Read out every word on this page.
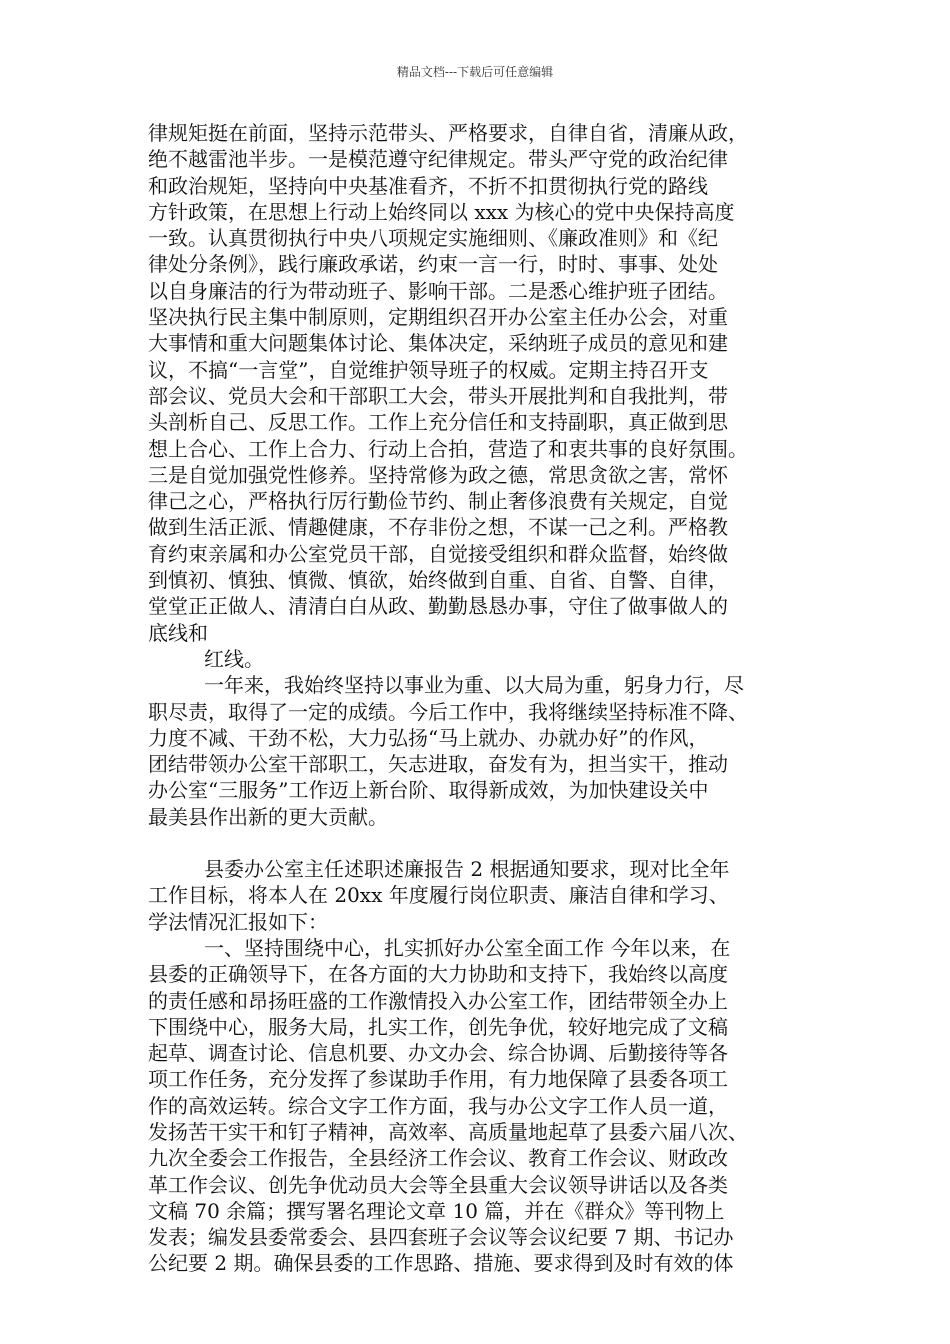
精品文档---下载后可任意编辑
律规矩挺在前面，坚持示范带头、严格要求，自律自省，清廉从政，
绝不越雷池半步。一是模范遵守纪律规定。带头严守党的政治纪律
和政治规矩，坚持向中央基准看齐，不折不扣贯彻执行党的路线
方针政策，在思想上行动上始终同以 xxx 为核心的党中央保持高度
一致。认真贯彻执行中央八项规定实施细则、《廉政准则》和《纪
律处分条例》，践行廉政承诺，约束一言一行，时时、事事、处处
以自身廉洁的行为带动班子、影响干部。二是悉心维护班子团结。
坚决执行民主集中制原则，定期组织召开办公室主任办公会，对重
大事情和重大问题集体讨论、集体决定，采纳班子成员的意见和建
议，不搞“一言堂”，自觉维护领导班子的权威。定期主持召开支
部会议、党员大会和干部职工大会，带头开展批判和自我批判，带
头剖析自己、反思工作。工作上充分信任和支持副职，真正做到思
想上合心、工作上合力、行动上合拍，营造了和衷共事的良好氛围。
三是自觉加强党性修养。坚持常修为政之德，常思贪欲之害，常怀
律己之心，严格执行厉行勤俭节约、制止奢侈浪费有关规定，自觉
做到生活正派、情趣健康，不存非份之想，不谋一己之利。严格教
育约束亲属和办公室党员干部，自觉接受组织和群众监督，始终做
到慎初、慎独、慎微、慎欲，始终做到自重、自省、自警、自律，
堂堂正正做人、清清白白从政、勤勤恳恳办事，守住了做事做人的
底线和
红线。
一年来，我始终坚持以事业为重、以大局为重，躬身力行，尽
职尽责，取得了一定的成绩。今后工作中，我将继续坚持标准不降、
力度不减、干劲不松，大力弘扬“马上就办、办就办好”的作风，
团结带领办公室干部职工，矢志进取，奋发有为，担当实干，推动
办公室“三服务”工作迈上新台阶、取得新成效，为加快建设关中
最美县作出新的更大贡献。
县委办公室主任述职述廉报告 2 根据通知要求，现对比全年
工作目标，将本人在 20xx 年度履行岗位职责、廉洁自律和学习、
学法情况汇报如下：
一、坚持围绕中心，扎实抓好办公室全面工作 今年以来，在
县委的正确领导下，在各方面的大力协助和支持下，我始终以高度
的责任感和昂扬旺盛的工作激情投入办公室工作，团结带领全办上
下围绕中心，服务大局，扎实工作，创先争优，较好地完成了文稿
起草、调查讨论、信息机要、办文办会、综合协调、后勤接待等各
项工作任务，充分发挥了参谋助手作用，有力地保障了县委各项工
作的高效运转。综合文字工作方面，我与办公文字工作人员一道，
发扬苦干实干和钉子精神，高效率、高质量地起草了县委六届八次、
九次全委会工作报告，全县经济工作会议、教育工作会议、财政改
革工作会议、创先争优动员大会等全县重大会议领导讲话以及各类
文稿 70 余篇；撰写署名理论文章 10 篇，并在《群众》等刊物上
发表；编发县委常委会、县四套班子会议等会议纪要 7 期、书记办
公纪要 2 期。确保县委的工作思路、措施、要求得到及时有效的体
